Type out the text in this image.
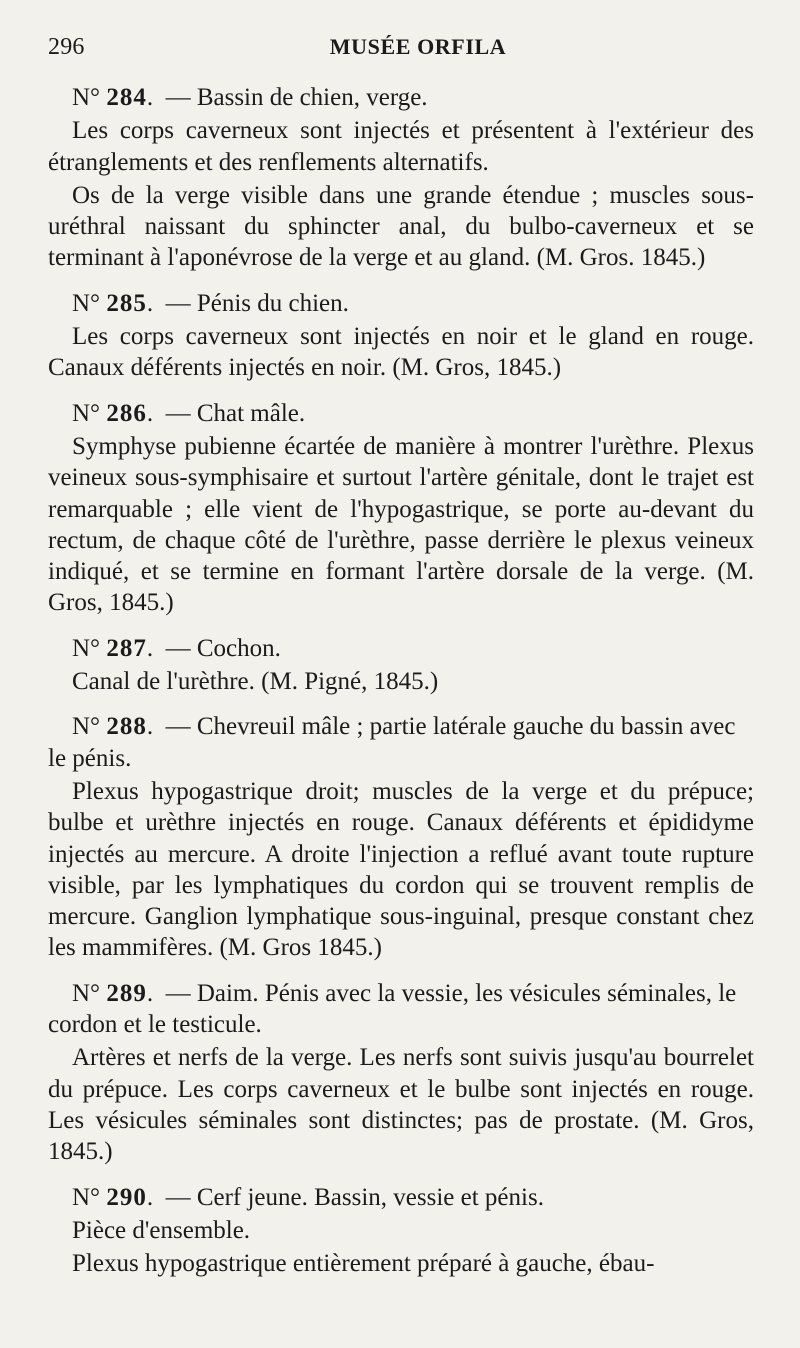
296	MUSÉE ORFILA

N° 284.  — Bassin de chien, verge.

Les corps caverneux sont injectés et présentent à l'extérieur des étranglements et des renflements alternatifs.

Os de la verge visible dans une grande étendue ; muscles sous-uréthral naissant du sphincter anal, du bulbo-caverneux et se terminant à l'aponévrose de la verge et au gland. (M. Gros. 1845.)

N° 285.  — Pénis du chien.

Les corps caverneux sont injectés en noir et le gland en rouge. Canaux déférents injectés en noir. (M. Gros, 1845.)

N° 286.  — Chat mâle.

Symphyse pubienne écartée de manière à montrer l'urèthre. Plexus veineux sous-symphisaire et surtout l'artère génitale, dont le trajet est remarquable ; elle vient de l'hypogastrique, se porte au-devant du rectum, de chaque côté de l'urèthre, passe derrière le plexus veineux indiqué, et se termine en formant l'artère dorsale de la verge. (M. Gros, 1845.)

N° 287.  — Cochon.

Canal de l'urèthre. (M. Pigné, 1845.)

N° 288.  — Chevreuil mâle ; partie latérale gauche du bassin avec le pénis.

Plexus hypogastrique droit; muscles de la verge et du prépuce; bulbe et urèthre injectés en rouge. Canaux déférents et épididyme injectés au mercure. A droite l'injection a reflué avant toute rupture visible, par les lymphatiques du cordon qui se trouvent remplis de mercure. Ganglion lymphatique sous-inguinal, presque constant chez les mammifères. (M. Gros 1845.)

N° 289.  — Daim. Pénis avec la vessie, les vésicules séminales, le cordon et le testicule.

Artères et nerfs de la verge. Les nerfs sont suivis jusqu'au bourrelet du prépuce. Les corps caverneux et le bulbe sont injectés en rouge. Les vésicules séminales sont distinctes; pas de prostate. (M. Gros, 1845.)

N° 290.  — Cerf jeune. Bassin, vessie et pénis.

Pièce d'ensemble.

Plexus hypogastrique entièrement préparé à gauche, ébau-
